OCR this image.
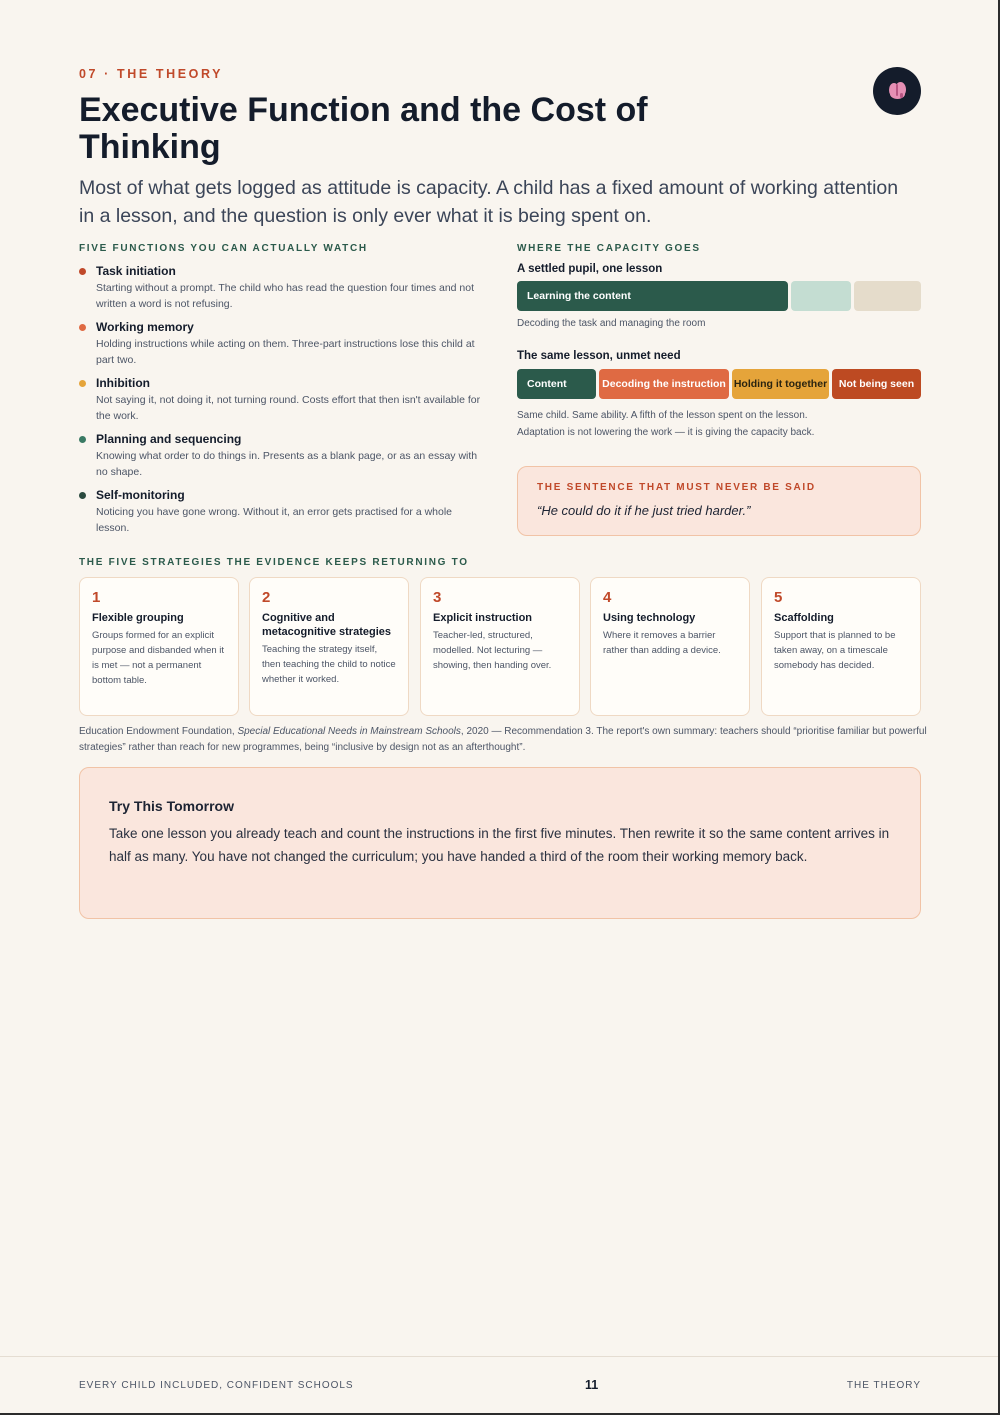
07 · THE THEORY
Executive Function and the Cost of Thinking

Most of what gets logged as attitude is capacity. A child has a fixed amount of working attention in a lesson, and the question is only ever what it is being spent on.

FIVE FUNCTIONS YOU CAN ACTUALLY WATCH
Task initiation
Starting without a prompt. The child who has read the question four times and not written a word is not refusing.
Working memory
Holding instructions while acting on them. Three-part instructions lose this child at part two.
Inhibition
Not saying it, not doing it, not turning round. Costs effort that then isn't available for the work.
Planning and sequencing
Knowing what order to do things in. Presents as a blank page, or as an essay with no shape.
Self-monitoring
Noticing you have gone wrong. Without it, an error gets practised for a whole lesson.
WHERE THE CAPACITY GOES
A settled pupil, one lesson
Learning the content
Decoding the task and managing the room
The same lesson, unmet need
Content	Decoding the instruction Holding it together	Not being seen
Same child. Same ability. A fifth of the lesson spent on the lesson.
Adaptation is not lowering the work — it is giving the capacity back.
THE SENTENCE THAT MUST NEVER BE SAID
“He could do it if he just tried harder.”
THE FIVE STRATEGIES THE EVIDENCE KEEPS RETURNING TO
1
Flexible grouping
Groups formed for an explicit purpose and disbanded when it is met — not a permanent bottom table.
2
Cognitive and metacognitive strategies
Teaching the strategy itself, then teaching the child to notice whether it worked.
3
Explicit instruction
Teacher-led, structured, modelled. Not lecturing — showing, then handing over.
4
Using technology
Where it removes a barrier rather than adding a device.
5
Scaffolding
Support that is planned to be taken away, on a timescale somebody has decided.

Education Endowment Foundation, Special Educational Needs in Mainstream Schools, 2020 — Recommendation 3. The report's own summary: teachers should “prioritise familiar but powerful strategies” rather than reach for new programmes, being “inclusive by design not as an afterthought”.

Try This Tomorrow

Take one lesson you already teach and count the instructions in the first five minutes. Then rewrite it so the same content arrives in half as many. You have not changed the curriculum; you have handed a third of the room their working memory back.

EVERY CHILD INCLUDED, CONFIDENT SCHOOLS	11	THE THEORY
